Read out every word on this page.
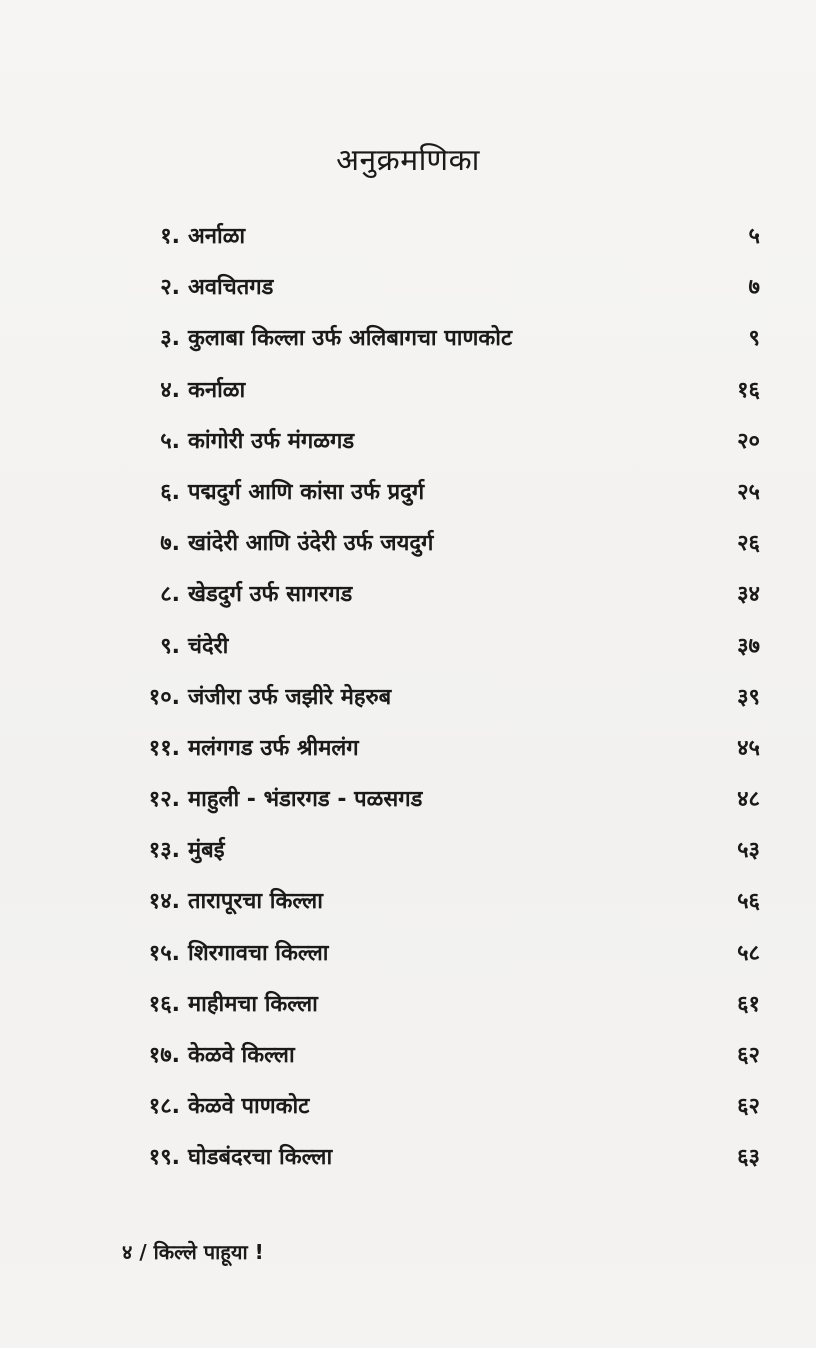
अनुक्रमणिका
१. अर्नाळा	५
२. अवचितगड	७
३. कुलाबा किल्ला उर्फ अलिबागचा पाणकोट	९
४. कर्नाळा	१६
५. कांगोरी उर्फ मंगळगड	२०
६. पद्मदुर्ग आणि कांसा उर्फ प्रदुर्ग	२५
७. खांदेरी आणि उंदेरी उर्फ जयदुर्ग	२६
८. खेडदुर्ग उर्फ सागरगड	३४
९. चंदेरी	३७
१०. जंजीरा उर्फ जझीरे मेहरुब	३९
११. मलंगगड उर्फ श्रीमलंग	४५
१२. माहुली - भंडारगड - पळसगड	४८
१३. मुंबई	५३
१४. तारापूरचा किल्ला	५६
१५. शिरगावचा किल्ला	५८
१६. माहीमचा किल्ला	६१
१७. केळवे किल्ला	६२
१८. केळवे पाणकोट	६२
१९. घोडबंदरचा किल्ला	६३
४ / किल्ले पाहूया !
